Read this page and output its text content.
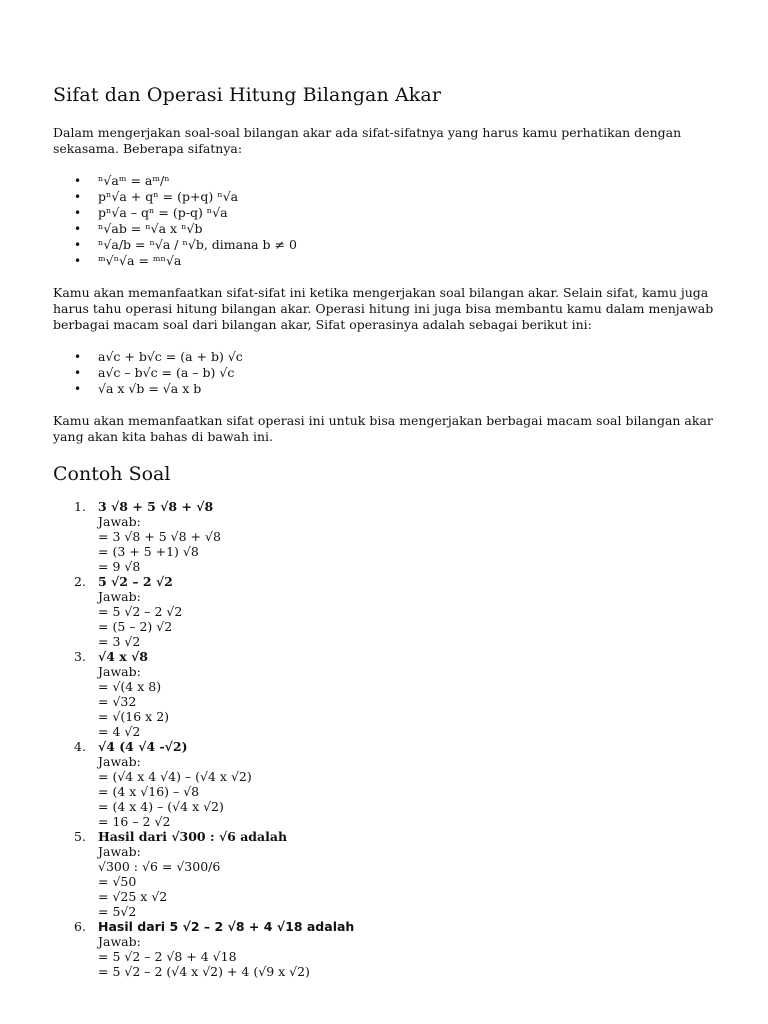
Sifat dan Operasi Hitung Bilangan Akar

Dalam mengerjakan soal-soal bilangan akar ada sifat-sifatnya yang harus kamu perhatikan dengan sekasama. Beberapa sifatnya:

• ⁿ√aᵐ = aᵐ/ⁿ
• pⁿ√a + qⁿ = (p+q) ⁿ√a
• pⁿ√a – qⁿ = (p-q) ⁿ√a
• ⁿ√ab = ⁿ√a x ⁿ√b
• ⁿ√a/b = ⁿ√a / ⁿ√b, dimana b ≠ 0
• ᵐ√ⁿ√a = ᵐⁿ√a

Kamu akan memanfaatkan sifat-sifat ini ketika mengerjakan soal bilangan akar. Selain sifat, kamu juga harus tahu operasi hitung bilangan akar. Operasi hitung ini juga bisa membantu kamu dalam menjawab berbagai macam soal dari bilangan akar, Sifat operasinya adalah sebagai berikut ini:

• a√c + b√c = (a + b) √c
• a√c – b√c = (a – b) √c
• √a x √b = √a x b

Kamu akan memanfaatkan sifat operasi ini untuk bisa mengerjakan berbagai macam soal bilangan akar yang akan kita bahas di bawah ini.

Contoh Soal
1. 3 √8 + 5 √8 + √8
Jawab:
= 3 √8 + 5 √8 + √8
= (3 + 5 +1) √8
= 9 √8
2. 5 √2 – 2 √2
Jawab:
= 5 √2 – 2 √2
= (5 – 2) √2
= 3 √2
3. √4 x √8
Jawab:
= √(4 x 8)
= √32
= √(16 x 2)
= 4 √2
4. √4 (4 √4 -√2)
Jawab:
= (√4 x 4 √4) – (√4 x √2)
= (4 x √16) – √8
= (4 x 4) – (√4 x √2)
= 16 – 2 √2
5. Hasil dari √300 : √6 adalah
Jawab:
√300 : √6 = √300/6
= √50
= √25 x √2
= 5√2
6. Hasil dari 5 √2 – 2 √8 + 4 √18 adalah
Jawab:
= 5 √2 – 2 √8 + 4 √18
= 5 √2 – 2 (√4 x √2) + 4 (√9 x √2)
